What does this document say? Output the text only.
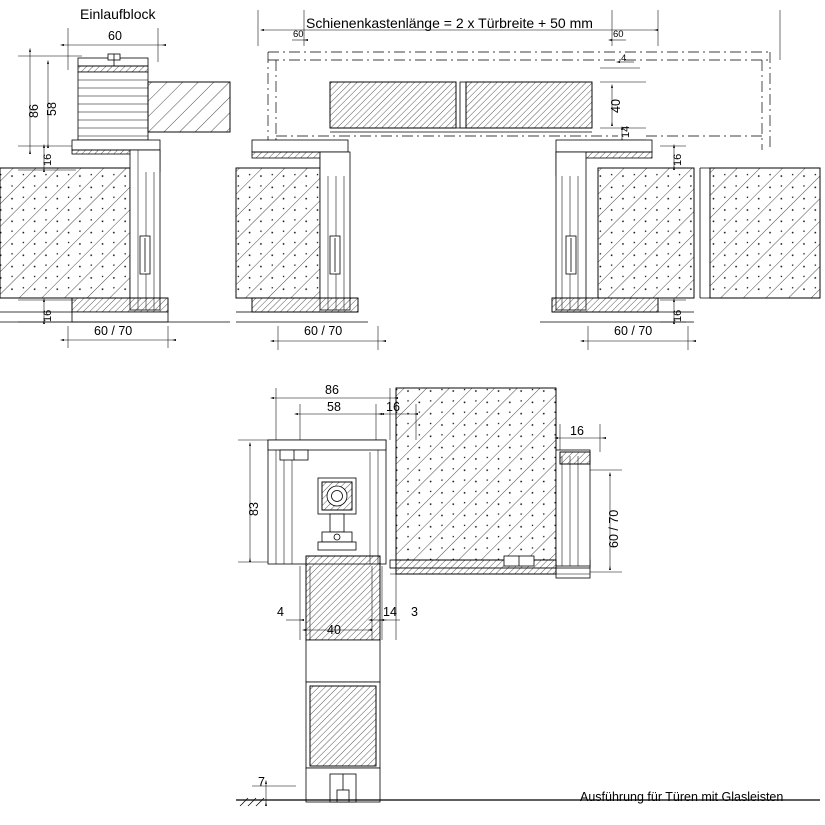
Einlaufblock
Schienenkastenlänge = 2 x Türbreite + 50 mm
Ausführung für Türen mit Glasleisten
60
86 58
16
16
60 / 70
60	60
4
40
14
16
16
60 / 70	60 / 70
86
58	16
16
83
60 / 70
4
40
14 3
7
